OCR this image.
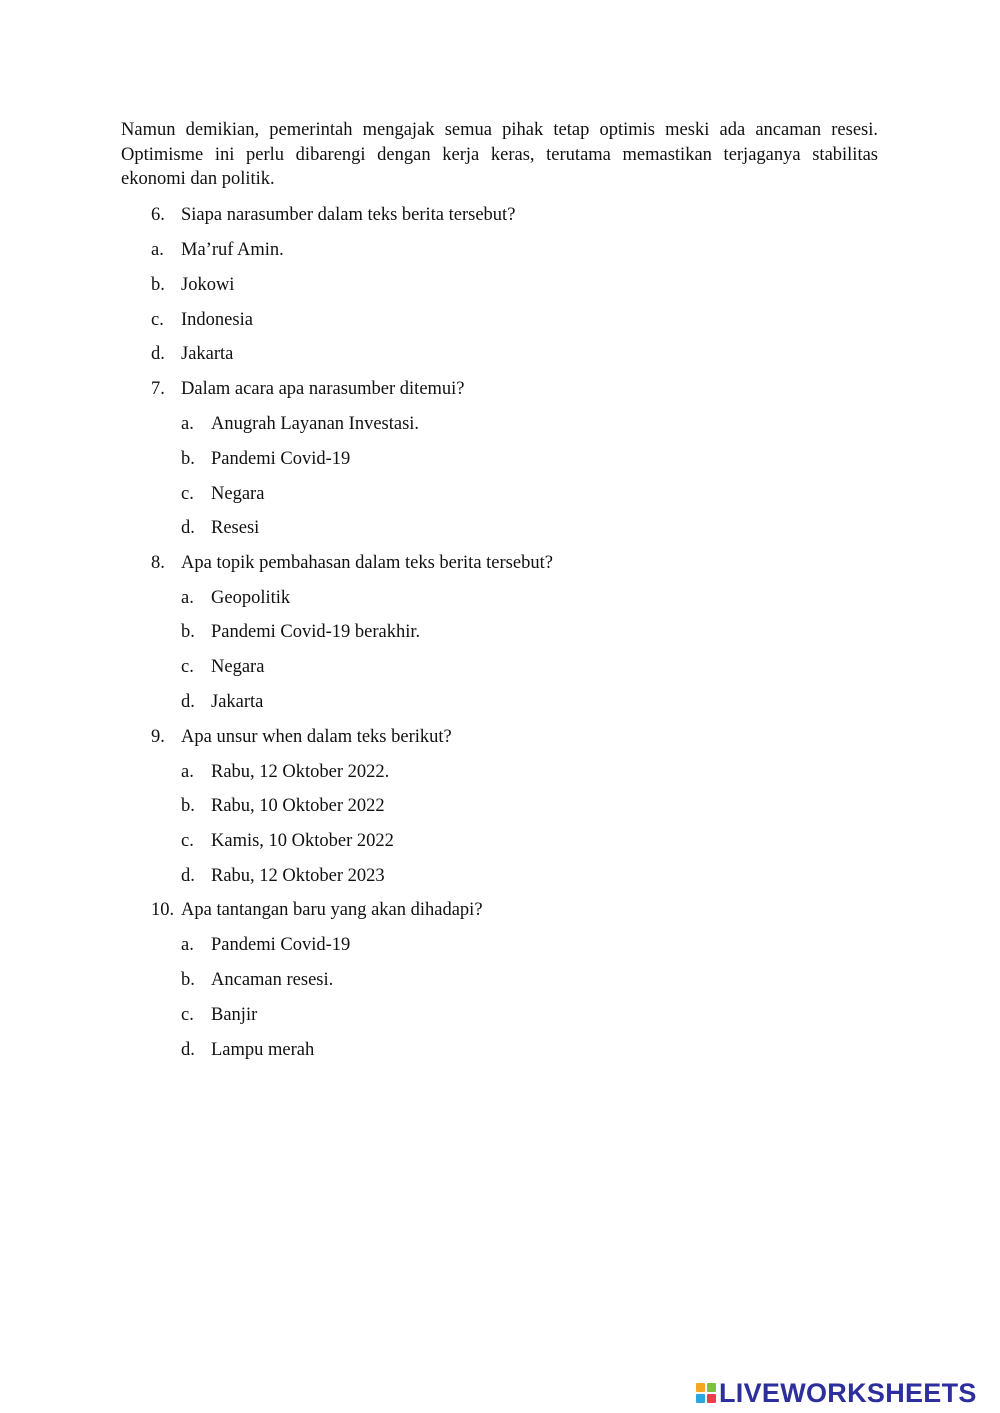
Namun demikian, pemerintah mengajak semua pihak tetap optimis meski ada ancaman resesi.
Optimisme ini perlu dibarengi dengan kerja keras, terutama memastikan terjaganya stabilitas
ekonomi dan politik.
6. Siapa narasumber dalam teks berita tersebut?
a. Ma’ruf Amin.
b. Jokowi
c. Indonesia
d. Jakarta
7. Dalam acara apa narasumber ditemui?
a. Anugrah Layanan Investasi.
b. Pandemi Covid-19
c. Negara
d. Resesi
8. Apa topik pembahasan dalam teks berita tersebut?
a. Geopolitik
b. Pandemi Covid-19 berakhir.
c. Negara
d. Jakarta
9. Apa unsur when dalam teks berikut?
a. Rabu, 12 Oktober 2022.
b. Rabu, 10 Oktober 2022
c. Kamis, 10 Oktober 2022
d. Rabu, 12 Oktober 2023
10. Apa tantangan baru yang akan dihadapi?
a. Pandemi Covid-19
b. Ancaman resesi.
c. Banjir
d. Lampu merah
LIVEWORKSHEETS
